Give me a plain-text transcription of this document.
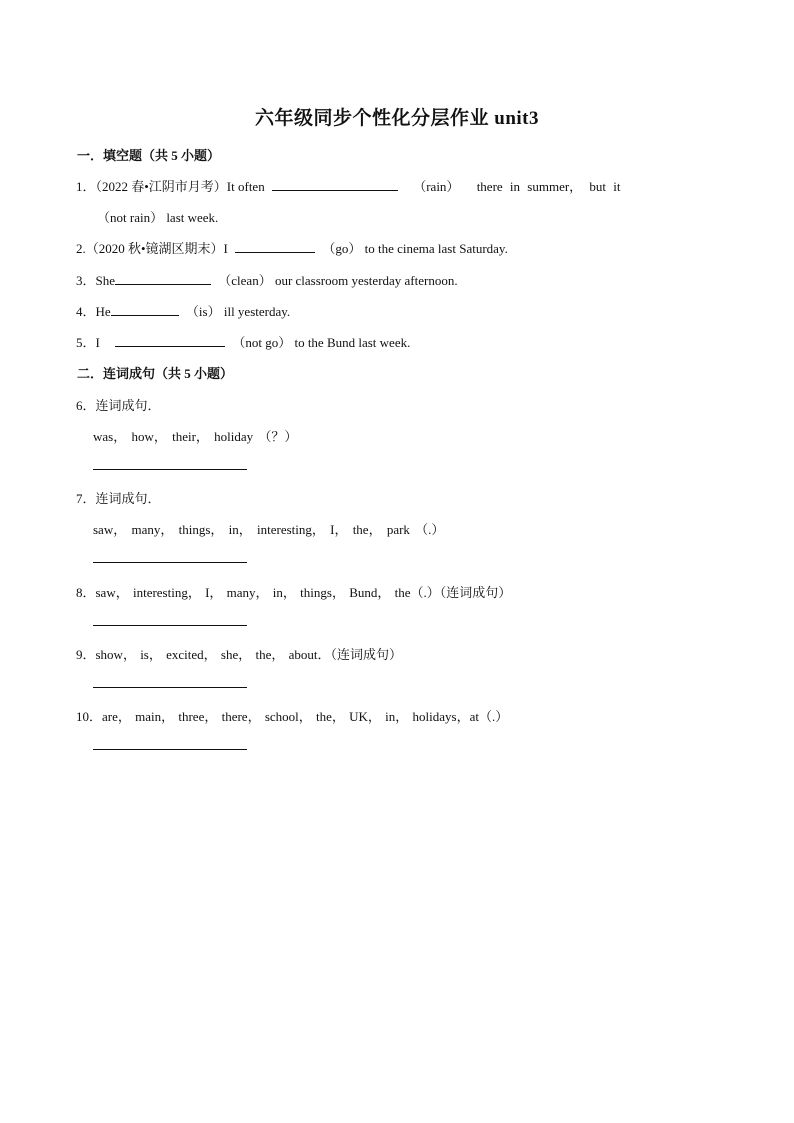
六年级同步个性化分层作业 unit3
一．填空题（共 5 小题）
1．（2022 春•江阴市月考）It often	（rain） there in summer， but it
（not rain） last week.
2.（2020 秋•镜湖区期末）I	（go） to the cinema last Saturday.
3．She	（clean） our classroom yesterday afternoon.
4．He	（is） ill yesterday.
5．I	（not go） to the Bund last week.
二．连词成句（共 5 小题）
6．连词成句．
was， how， their， holiday （？）
7．连词成句．
saw， many， things， in， interesting， I， the， park （.）
8．saw， interesting， I， many， in， things， Bund， the（.）（连词成句）
9．show， is， excited， she， the， about．（连词成句）
10．are， main， three， there， school， the， UK， in， holidays，at（.）
